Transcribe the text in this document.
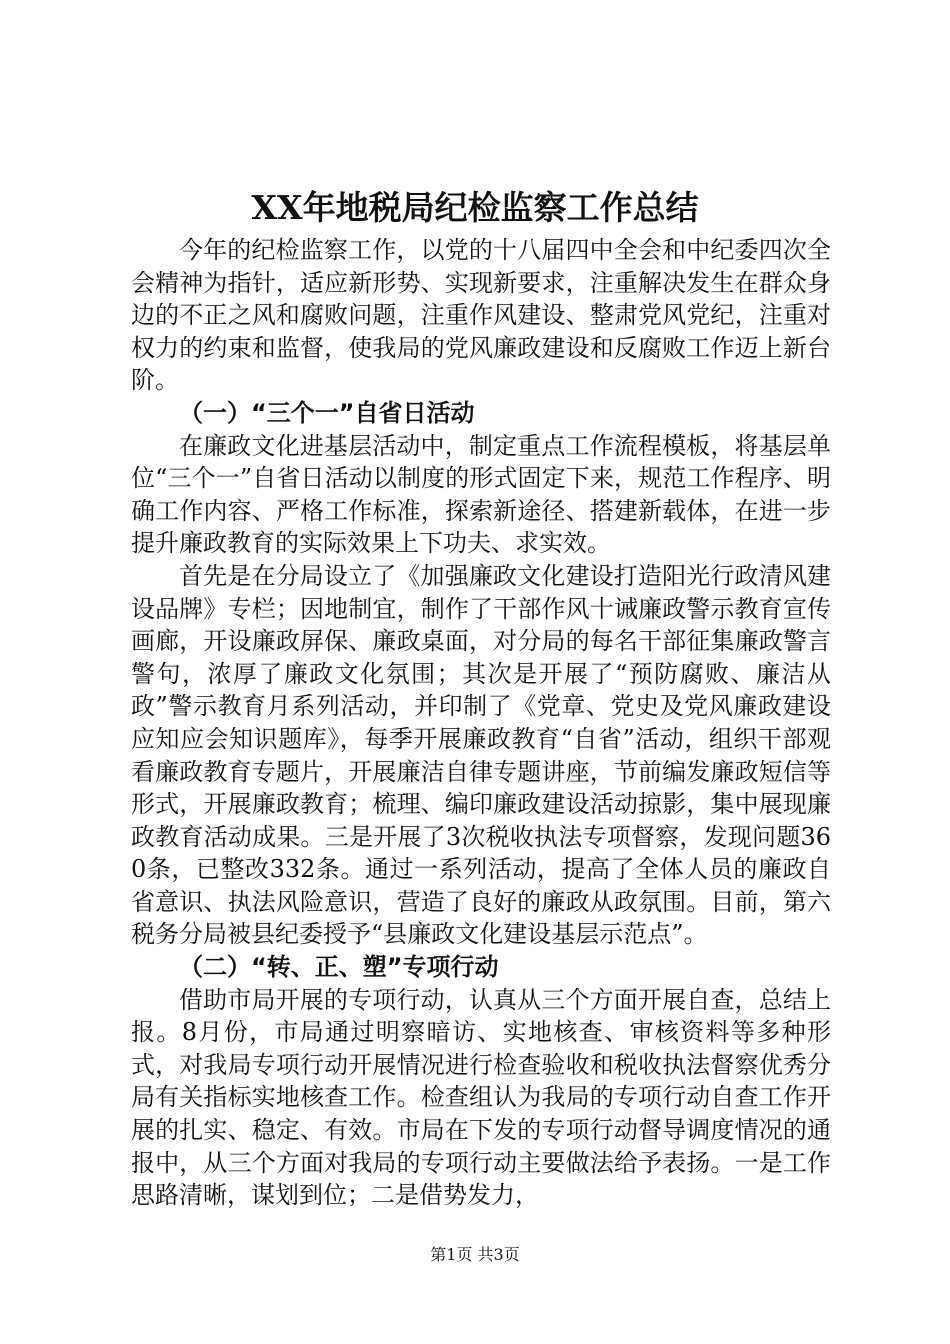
XX年地税局纪检监察工作总结

今年的纪检监察工作，以党的十八届四中全会和中纪委四次全会精神为指针，适应新形势、实现新要求，注重解决发生在群众身边的不正之风和腐败问题，注重作风建设、整肃党风党纪，注重对权力的约束和监督，使我局的党风廉政建设和反腐败工作迈上新台阶。

（一）“三个一”自省日活动

在廉政文化进基层活动中，制定重点工作流程模板，将基层单位“三个一”自省日活动以制度的形式固定下来，规范工作程序、明确工作内容、严格工作标准，探索新途径、搭建新载体，在进一步提升廉政教育的实际效果上下功夫、求实效。

首先是在分局设立了《加强廉政文化建设打造阳光行政清风建设品牌》专栏；因地制宜，制作了干部作风十诫廉政警示教育宣传画廊，开设廉政屏保、廉政桌面，对分局的每名干部征集廉政警言警句，浓厚了廉政文化氛围；其次是开展了“预防腐败、廉洁从政”警示教育月系列活动，并印制了《党章、党史及党风廉政建设应知应会知识题库》，每季开展廉政教育“自省”活动，组织干部观看廉政教育专题片，开展廉洁自律专题讲座，节前编发廉政短信等形式，开展廉政教育；梳理、编印廉政建设活动掠影，集中展现廉政教育活动成果。三是开展了3次税收执法专项督察，发现问题360条，已整改332条。通过一系列活动，提高了全体人员的廉政自省意识、执法风险意识，营造了良好的廉政从政氛围。目前，第六税务分局被县纪委授予“县廉政文化建设基层示范点”。

（二）“转、正、塑”专项行动

借助市局开展的专项行动，认真从三个方面开展自查，总结上报。8月份，市局通过明察暗访、实地核查、审核资料等多种形式，对我局专项行动开展情况进行检查验收和税收执法督察优秀分局有关指标实地核查工作。检查组认为我局的专项行动自查工作开展的扎实、稳定、有效。市局在下发的专项行动督导调度情况的通报中，从三个方面对我局的专项行动主要做法给予表扬。一是工作思路清晰，谋划到位；二是借势发力，

第1页 共3页
